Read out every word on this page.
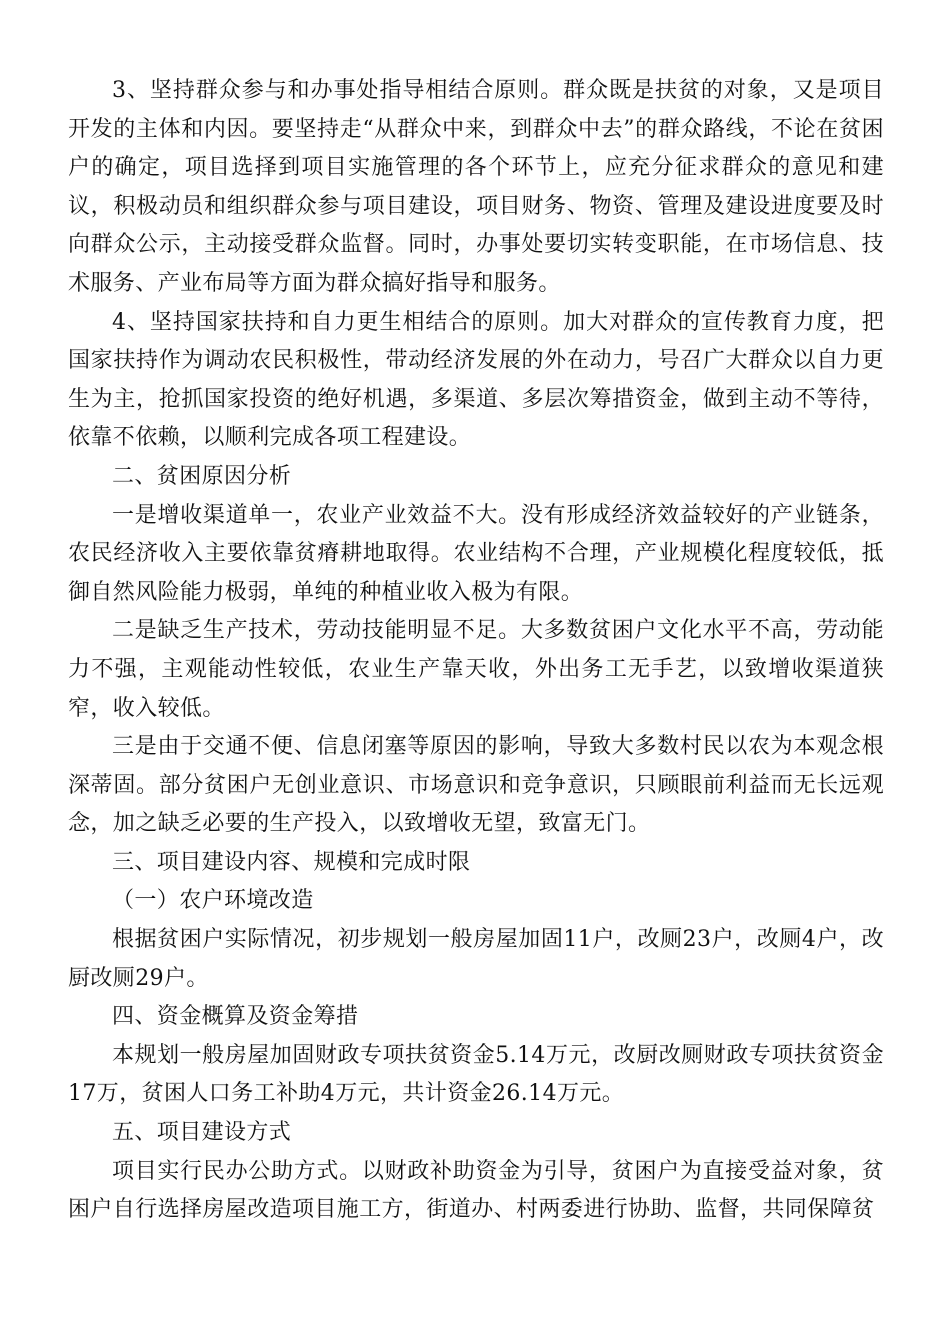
3、坚持群众参与和办事处指导相结合原则。群众既是扶贫的对象，又是项目开发的主体和内因。要坚持走“从群众中来，到群众中去”的群众路线，不论在贫困户的确定，项目选择到项目实施管理的各个环节上，应充分征求群众的意见和建议，积极动员和组织群众参与项目建设，项目财务、物资、管理及建设进度要及时向群众公示，主动接受群众监督。同时，办事处要切实转变职能，在市场信息、技术服务、产业布局等方面为群众搞好指导和服务。

4、坚持国家扶持和自力更生相结合的原则。加大对群众的宣传教育力度，把国家扶持作为调动农民积极性，带动经济发展的外在动力，号召广大群众以自力更生为主，抢抓国家投资的绝好机遇，多渠道、多层次筹措资金，做到主动不等待，依靠不依赖，以顺利完成各项工程建设。

二、贫困原因分析

一是增收渠道单一，农业产业效益不大。没有形成经济效益较好的产业链条，农民经济收入主要依靠贫瘠耕地取得。农业结构不合理，产业规模化程度较低，抵御自然风险能力极弱，单纯的种植业收入极为有限。

二是缺乏生产技术，劳动技能明显不足。大多数贫困户文化水平不高，劳动能力不强，主观能动性较低，农业生产靠天收，外出务工无手艺，以致增收渠道狭窄，收入较低。

三是由于交通不便、信息闭塞等原因的影响，导致大多数村民以农为本观念根深蒂固。部分贫困户无创业意识、市场意识和竞争意识，只顾眼前利益而无长远观念，加之缺乏必要的生产投入，以致增收无望，致富无门。

三、项目建设内容、规模和完成时限

（一）农户环境改造

根据贫困户实际情况，初步规划一般房屋加固11户，改厕23户，改厕4户，改厨改厕29户。

四、资金概算及资金筹措

本规划一般房屋加固财政专项扶贫资金5.14万元，改厨改厕财政专项扶贫资金17万，贫困人口务工补助4万元，共计资金26.14万元。

五、项目建设方式

项目实行民办公助方式。以财政补助资金为引导，贫困户为直接受益对象，贫困户自行选择房屋改造项目施工方，街道办、村两委进行协助、监督，共同保障贫
